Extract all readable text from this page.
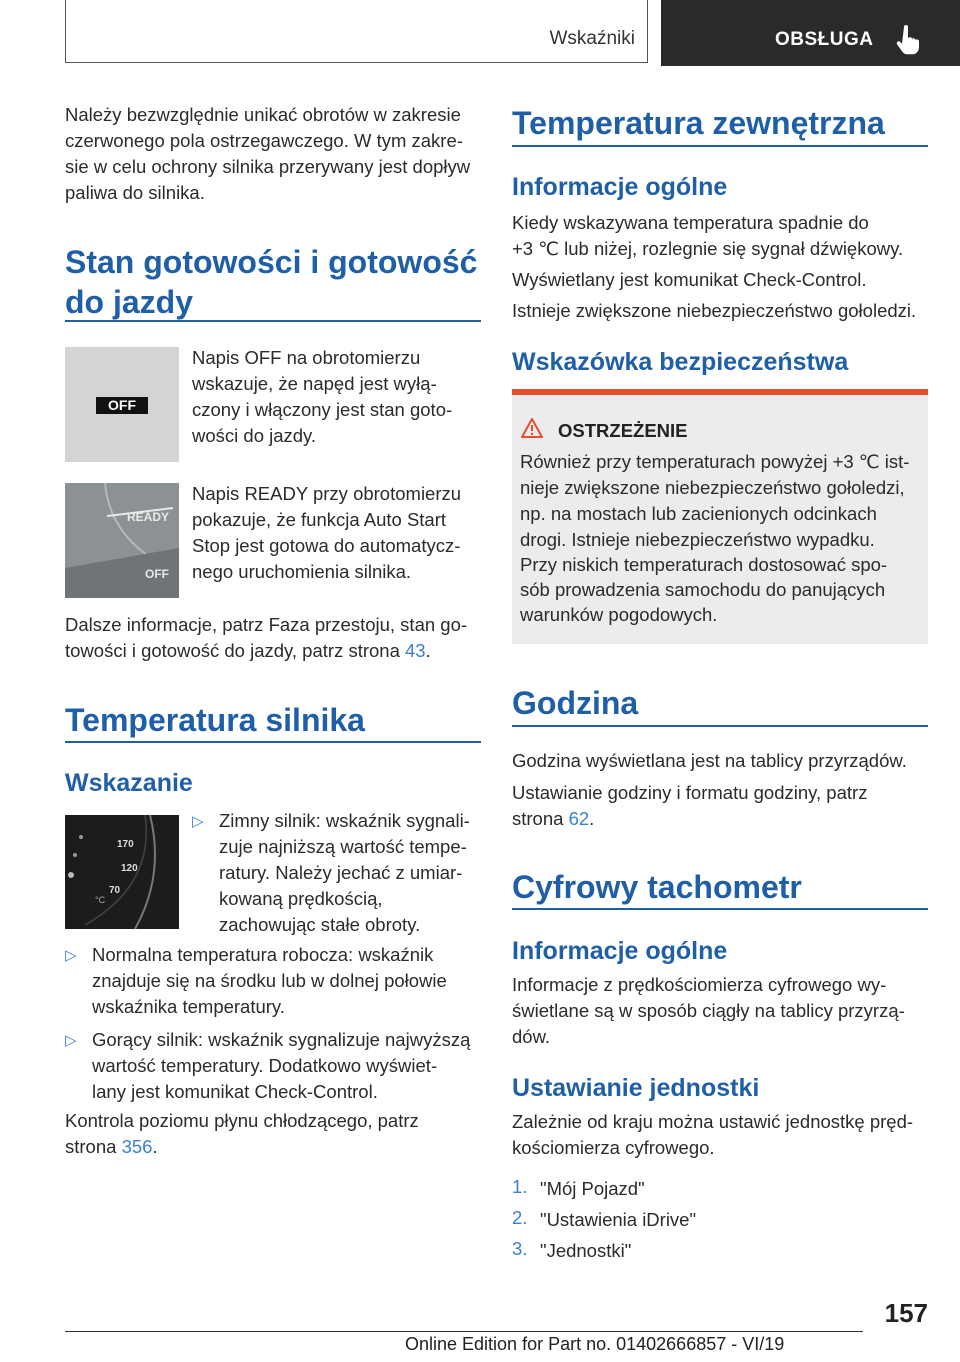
Wskaźniki	OBSŁUGA

Należy bezwzględnie unikać obrotów w zakresie

czerwonego pola ostrzegawczego. W tym zakre‐

sie w celu ochrony silnika przerywany jest dopływ

paliwa do silnika.

Stan gotowości i gotowość

do jazdy

OFF

Napis OFF na obrotomierzu

wskazuje, że napęd jest wyłą‐

czony i włączony jest stan goto‐

wości do jazdy.

READY
OFF

Napis READY przy obrotomierzu

pokazuje, że funkcja Auto Start

Stop jest gotowa do automatycz‐

nego uruchomienia silnika.

Dalsze informacje, patrz Faza przestoju, stan go‐

towości i gotowość do jazdy, patrz strona 43.

Temperatura silnika

Wskazanie

170
120
70
°C
▷ Zimny silnik: wskaźnik sygnali‐

zuje najniższą wartość tempe‐

ratury. Należy jechać z umiar‐

kowaną prędkością,

zachowując stałe obroty.

▷ Normalna temperatura robocza: wskaźnik

znajduje się na środku lub w dolnej połowie

wskaźnika temperatury.

▷ Gorący silnik: wskaźnik sygnalizuje najwyższą

wartość temperatury. Dodatkowo wyświet‐

lany jest komunikat Check-Control.

Kontrola poziomu płynu chłodzącego, patrz

strona 356.

Temperatura zewnętrzna

Informacje ogólne

Kiedy wskazywana temperatura spadnie do

+3 ℃ lub niżej, rozlegnie się sygnał dźwiękowy.

Wyświetlany jest komunikat Check-Control.

Istnieje zwiększone niebezpieczeństwo gołoledzi.

Wskazówka bezpieczeństwa

OSTRZEŻENIE

Również przy temperaturach powyżej +3 ℃ ist‐

nieje zwiększone niebezpieczeństwo gołoledzi,

np. na mostach lub zacienionych odcinkach

drogi. Istnieje niebezpieczeństwo wypadku.

Przy niskich temperaturach dostosować spo‐

sób prowadzenia samochodu do panujących

warunków pogodowych.

Godzina

Godzina wyświetlana jest na tablicy przyrządów.

Ustawianie godziny i formatu godziny, patrz

strona 62.

Cyfrowy tachometr

Informacje ogólne

Informacje z prędkościomierza cyfrowego wy‐

świetlane są w sposób ciągły na tablicy przyrzą‐

dów.

Ustawianie jednostki

Zależnie od kraju można ustawić jednostkę pręd‐

kościomierza cyfrowego.

1. "Mój Pojazd"

2. "Ustawienia iDrive"

3. "Jednostki"

157
Online Edition for Part no. 01402666857 - VI/19
